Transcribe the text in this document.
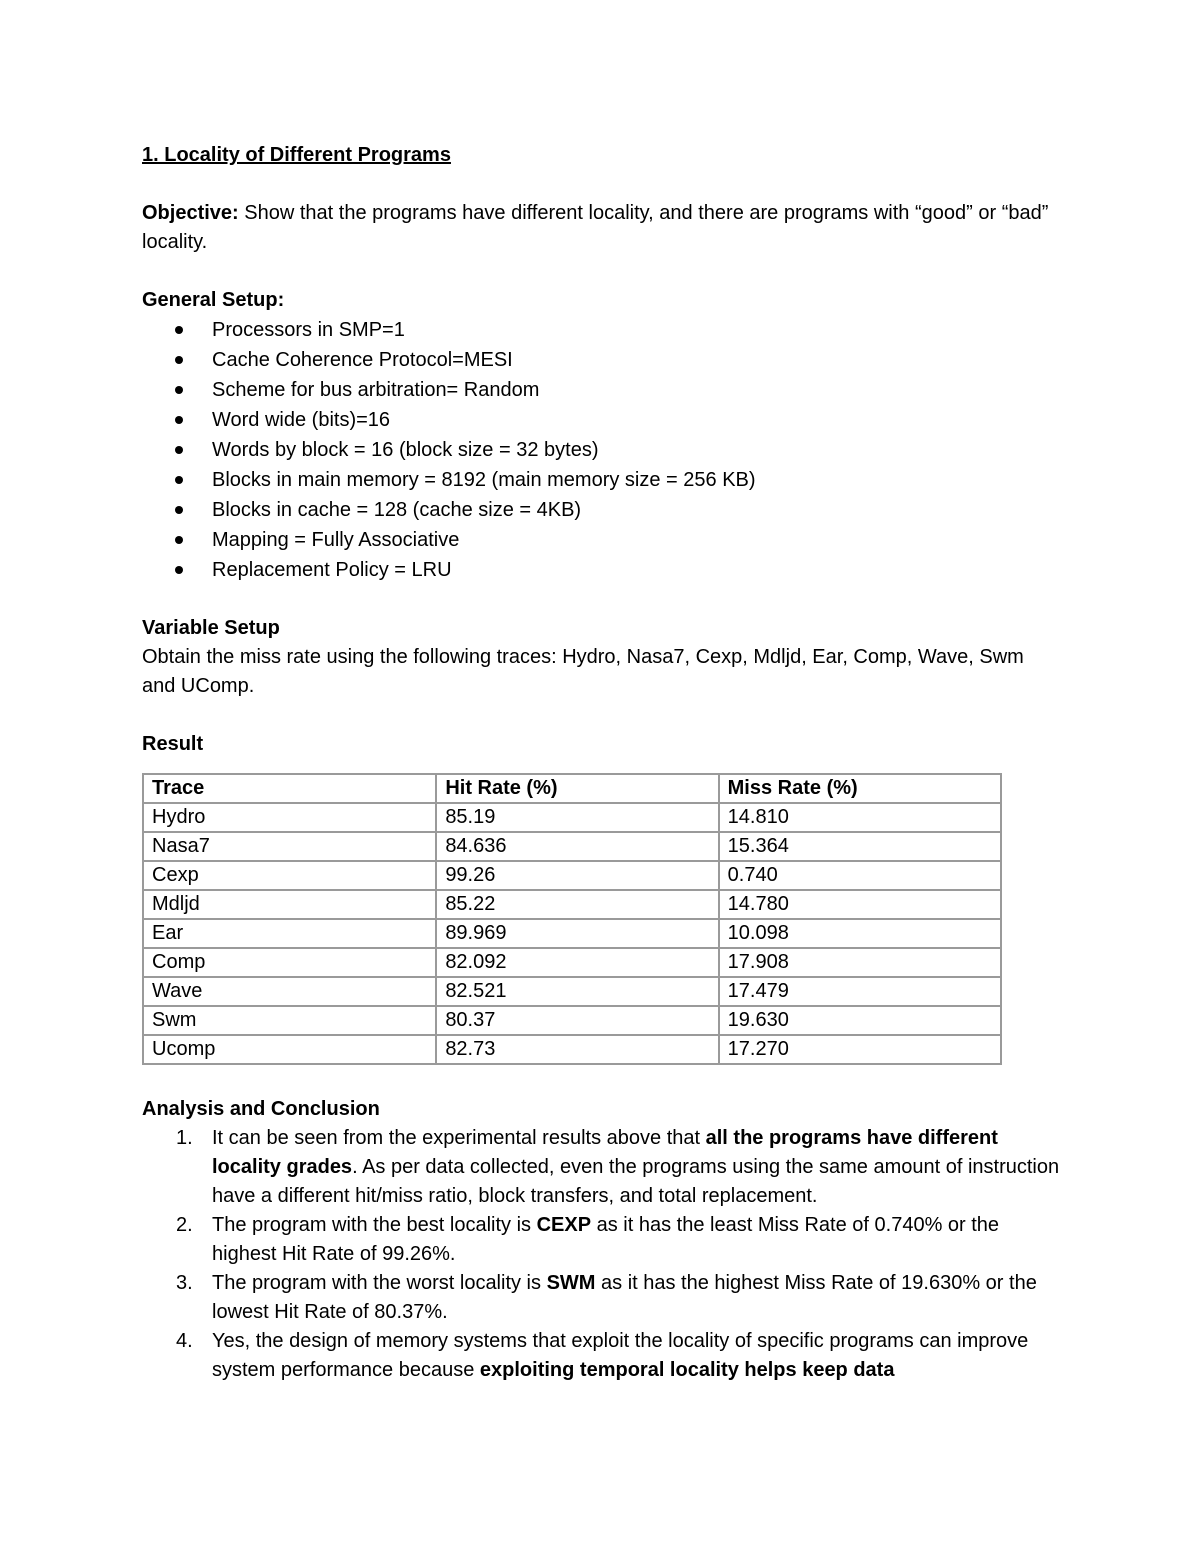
1. Locality of Different Programs

Objective: Show that the programs have different locality, and there are programs with “good” or “bad” locality.

General Setup:

Processors in SMP=1
Cache Coherence Protocol=MESI
Scheme for bus arbitration= Random
Word wide (bits)=16
Words by block = 16 (block size = 32 bytes)
Blocks in main memory = 8192 (main memory size = 256 KB)
Blocks in cache = 128 (cache size = 4KB)
Mapping = Fully Associative
Replacement Policy = LRU

Variable Setup

Obtain the miss rate using the following traces: Hydro, Nasa7, Cexp, Mdljd, Ear, Comp, Wave, Swm and UComp.

Result

Trace	Hit Rate (%)	Miss Rate (%)
Hydro	85.19	14.810
Nasa7	84.636	15.364
Cexp	99.26	0.740
Mdljd	85.22	14.780
Ear	89.969	10.098
Comp	82.092	17.908
Wave	82.521	17.479
Swm	80.37	19.630
Ucomp	82.73	17.270

Analysis and Conclusion

1. It can be seen from the experimental results above that all the programs have different locality grades. As per data collected, even the programs using the same amount of instruction have a different hit/miss ratio, block transfers, and total replacement.
2. The program with the best locality is CEXP as it has the least Miss Rate of 0.740% or the highest Hit Rate of 99.26%.
3. The program with the worst locality is SWM as it has the highest Miss Rate of 19.630% or the lowest Hit Rate of 80.37%.
4. Yes, the design of memory systems that exploit the locality of specific programs can improve system performance because exploiting temporal locality helps keep data
